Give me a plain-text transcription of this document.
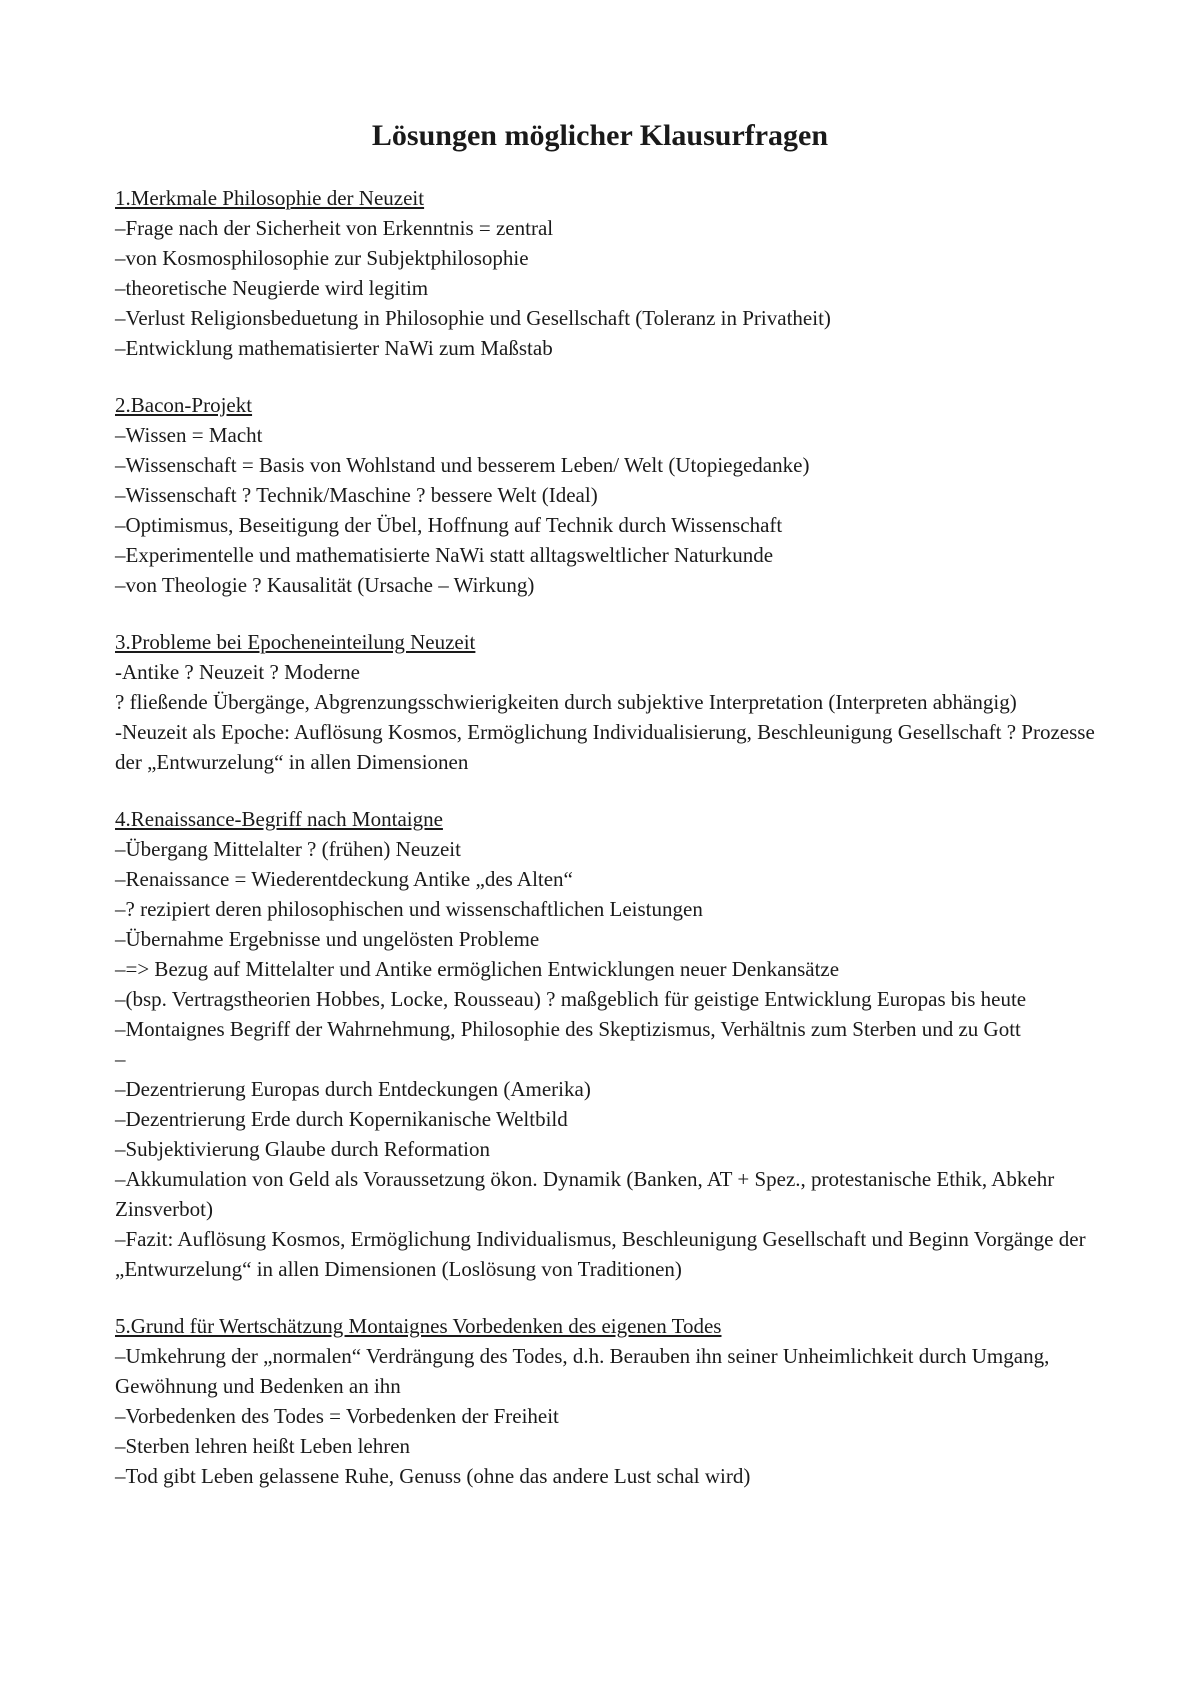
Lösungen möglicher Klausurfragen

1.Merkmale Philosophie der Neuzeit

–Frage nach der Sicherheit von Erkenntnis = zentral

–von Kosmosphilosophie zur Subjektphilosophie

–theoretische Neugierde wird legitim

–Verlust Religionsbeduetung in Philosophie und Gesellschaft (Toleranz in Privatheit)

–Entwicklung mathematisierter NaWi zum Maßstab

2.Bacon-Projekt

–Wissen = Macht

–Wissenschaft = Basis von Wohlstand und besserem Leben/ Welt (Utopiegedanke)

–Wissenschaft ? Technik/Maschine ? bessere Welt (Ideal)

–Optimismus, Beseitigung der Übel, Hoffnung auf Technik durch Wissenschaft

–Experimentelle und mathematisierte NaWi statt alltagsweltlicher Naturkunde

–von Theologie ? Kausalität (Ursache – Wirkung)

3.Probleme bei Epocheneinteilung Neuzeit

-Antike ? Neuzeit ? Moderne

? fließende Übergänge, Abgrenzungsschwierigkeiten durch subjektive Interpretation (Interpreten abhängig)

-Neuzeit als Epoche: Auflösung Kosmos, Ermöglichung Individualisierung, Beschleunigung Gesellschaft ? Prozesse der „Entwurzelung“ in allen Dimensionen

4.Renaissance-Begriff nach Montaigne

–Übergang Mittelalter ? (frühen) Neuzeit

–Renaissance = Wiederentdeckung Antike „des Alten“

–? rezipiert deren philosophischen und wissenschaftlichen Leistungen

–Übernahme Ergebnisse und ungelösten Probleme

–=> Bezug auf Mittelalter und Antike ermöglichen Entwicklungen neuer Denkansätze

–(bsp. Vertragstheorien Hobbes, Locke, Rousseau) ? maßgeblich für geistige Entwicklung Europas bis heute

–Montaignes Begriff der Wahrnehmung, Philosophie des Skeptizismus, Verhältnis zum Sterben und zu Gott

–

–Dezentrierung Europas durch Entdeckungen (Amerika)

–Dezentrierung Erde durch Kopernikanische Weltbild

–Subjektivierung Glaube durch Reformation

–Akkumulation von Geld als Voraussetzung ökon. Dynamik (Banken, AT + Spez., protestanische Ethik, Abkehr Zinsverbot)

–Fazit: Auflösung Kosmos, Ermöglichung Individualismus, Beschleunigung Gesellschaft und Beginn Vorgänge der „Entwurzelung“ in allen Dimensionen (Loslösung von Traditionen)

5.Grund für Wertschätzung Montaignes Vorbedenken des eigenen Todes

–Umkehrung der „normalen“ Verdrängung des Todes, d.h. Berauben ihn seiner Unheimlichkeit durch Umgang, Gewöhnung und Bedenken an ihn

–Vorbedenken des Todes = Vorbedenken der Freiheit

–Sterben lehren heißt Leben lehren

–Tod gibt Leben gelassene Ruhe, Genuss (ohne das andere Lust schal wird)
